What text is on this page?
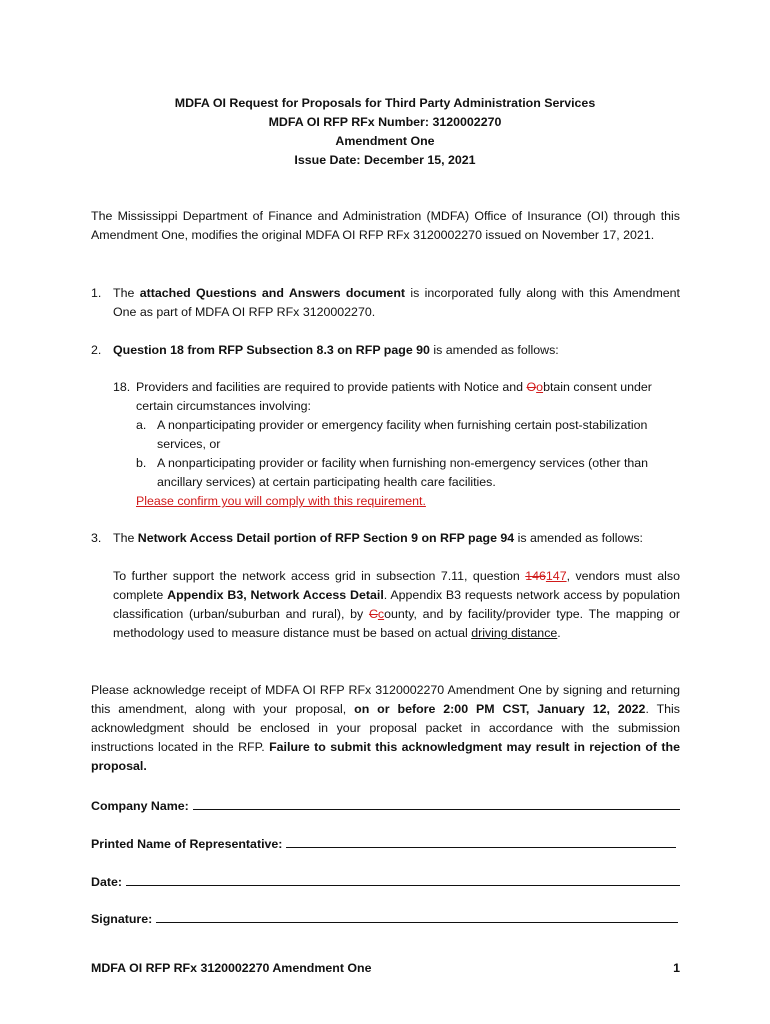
MDFA OI Request for Proposals for Third Party Administration Services
MDFA OI RFP RFx Number: 3120002270
Amendment One
Issue Date: December 15, 2021
The Mississippi Department of Finance and Administration (MDFA) Office of Insurance (OI) through this Amendment One, modifies the original MDFA OI RFP RFx 3120002270 issued on November 17, 2021.
1. The attached Questions and Answers document is incorporated fully along with this Amendment One as part of MDFA OI RFP RFx 3120002270.
2. Question 18 from RFP Subsection 8.3 on RFP page 90 is amended as follows:
18. Providers and facilities are required to provide patients with Notice and Oobtain consent under certain circumstances involving:
a. A nonparticipating provider or emergency facility when furnishing certain post-stabilization services, or
b. A nonparticipating provider or facility when furnishing non-emergency services (other than ancillary services) at certain participating health care facilities.
Please confirm you will comply with this requirement.
3. The Network Access Detail portion of RFP Section 9 on RFP page 94 is amended as follows:
To further support the network access grid in subsection 7.11, question 146147, vendors must also complete Appendix B3, Network Access Detail. Appendix B3 requests network access by population classification (urban/suburban and rural), by Ccounty, and by facility/provider type. The mapping or methodology used to measure distance must be based on actual driving distance.
Please acknowledge receipt of MDFA OI RFP RFx 3120002270 Amendment One by signing and returning this amendment, along with your proposal, on or before 2:00 PM CST, January 12, 2022. This acknowledgment should be enclosed in your proposal packet in accordance with the submission instructions located in the RFP. Failure to submit this acknowledgment may result in rejection of the proposal.
Company Name:
Printed Name of Representative:
Date:
Signature:
MDFA OI RFP RFx 3120002270 Amendment One	1
